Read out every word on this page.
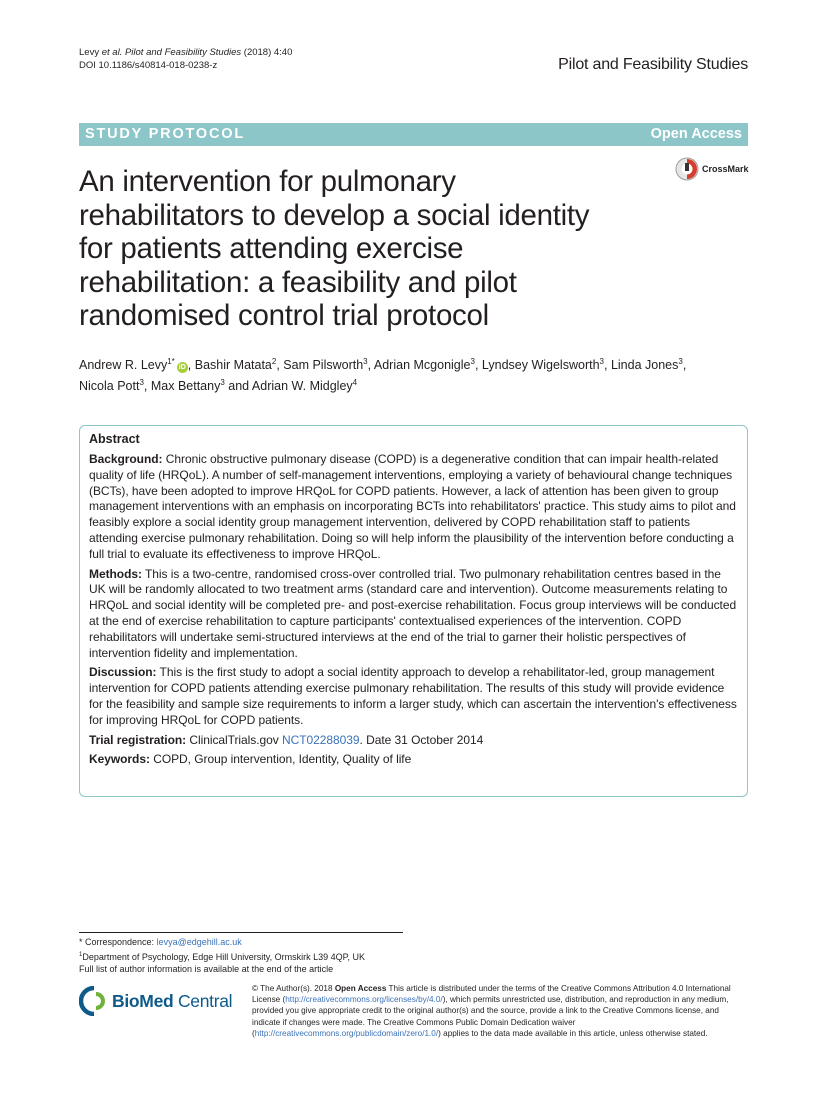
Levy et al. Pilot and Feasibility Studies (2018) 4:40
DOI 10.1186/s40814-018-0238-z	Pilot and Feasibility Studies
STUDY PROTOCOL	Open Access
CrossMark
An intervention for pulmonary
rehabilitators to develop a social identity
for patients attending exercise
rehabilitation: a feasibility and pilot
randomised control trial protocol
Andrew R. Levy$^{1*}$iD , Bashir Matata$^2$, Sam Pilsworth$^3$, Adrian Mcgonigle$^3$, Lyndsey Wigelsworth$^3$, Linda Jones$^3$,
Nicola Pott$^3$, Max Bettany$^3$ and Adrian W. Midgley$^4$
Abstract

Background: Chronic obstructive pulmonary disease (COPD) is a degenerative condition that can impair health-related quality of life (HRQoL). A number of self-management interventions, employing a variety of behavioural change techniques (BCTs), have been adopted to improve HRQoL for COPD patients. However, a lack of attention has been given to group management interventions with an emphasis on incorporating BCTs into rehabilitators' practice. This study aims to pilot and feasibly explore a social identity group management intervention, delivered by COPD rehabilitation staff to patients attending exercise pulmonary rehabilitation. Doing so will help inform the plausibility of the intervention before conducting a full trial to evaluate its effectiveness to improve HRQoL.

Methods: This is a two-centre, randomised cross-over controlled trial. Two pulmonary rehabilitation centres based in the UK will be randomly allocated to two treatment arms (standard care and intervention). Outcome measurements relating to HRQoL and social identity will be completed pre- and post-exercise rehabilitation. Focus group interviews will be conducted at the end of exercise rehabilitation to capture participants' contextualised experiences of the intervention. COPD rehabilitators will undertake semi-structured interviews at the end of the trial to garner their holistic perspectives of intervention fidelity and implementation.

Discussion: This is the first study to adopt a social identity approach to develop a rehabilitator-led, group management intervention for COPD patients attending exercise pulmonary rehabilitation. The results of this study will provide evidence for the feasibility and sample size requirements to inform a larger study, which can ascertain the intervention's effectiveness for improving HRQoL for COPD patients.

Trial registration: ClinicalTrials.gov NCT02288039. Date 31 October 2014

Keywords: COPD, Group intervention, Identity, Quality of life

* Correspondence: levya@edgehill.ac.uk
$^1$Department of Psychology, Edge Hill University, Ormskirk L39 4QP, UK
Full list of author information is available at the end of the article
BioMed Central
© The Author(s). 2018 Open Access This article is distributed under the terms of the Creative Commons Attribution 4.0 International License (http://creativecommons.org/licenses/by/4.0/), which permits unrestricted use, distribution, and reproduction in any medium, provided you give appropriate credit to the original author(s) and the source, provide a link to the Creative Commons license, and indicate if changes were made. The Creative Commons Public Domain Dedication waiver (http://creativecommons.org/publicdomain/zero/1.0/) applies to the data made available in this article, unless otherwise stated.
